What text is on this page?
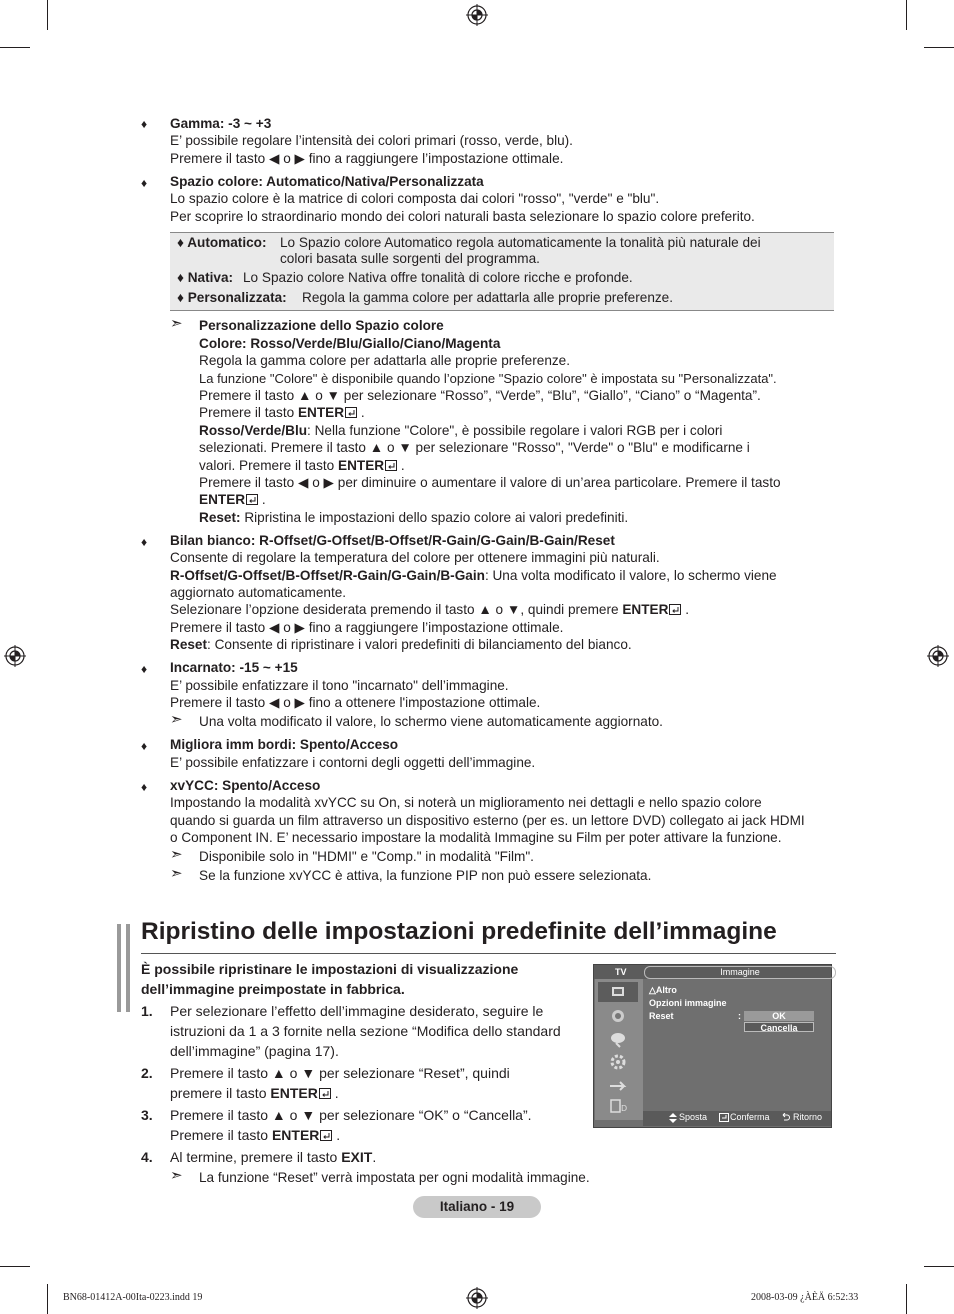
♦ Gamma: -3 ~ +3
E’ possibile regolare l’intensità dei colori primari (rosso, verde, blu).
Premere il tasto ◀ o ▶ fino a raggiungere l’impostazione ottimale.
♦ Spazio colore: Automatico/Nativa/Personalizzata
Lo spazio colore è la matrice di colori composta dai colori "rosso", "verde" e "blu".
Per scoprire lo straordinario mondo dei colori naturali basta selezionare lo spazio colore preferito.
♦ Automatico: Lo Spazio colore Automatico regola automaticamente la tonalità più naturale dei
colori basata sulle sorgenti del programma.
♦ Nativa: Lo Spazio colore Nativa offre tonalità di colore ricche e profonde.
♦ Personalizzata: Regola la gamma colore per adattarla alle proprie preferenze.
➣ Personalizzazione dello Spazio colore
Colore: Rosso/Verde/Blu/Giallo/Ciano/Magenta
Regola la gamma colore per adattarla alle proprie preferenze.
La funzione "Colore" è disponibile quando l’opzione "Spazio colore" è impostata su "Personalizzata".
Premere il tasto ▲ o ▼ per selezionare “Rosso”, “Verde”, “Blu”, “Giallo”, “Ciano” o “Magenta”.
Premere il tasto ENTER .
Rosso/Verde/Blu: Nella funzione "Colore", è possibile regolare i valori RGB per i colori
selezionati. Premere il tasto ▲ o ▼ per selezionare "Rosso", "Verde" o "Blu" e modificarne i
valori. Premere il tasto ENTER .
Premere il tasto ◀ o ▶ per diminuire o aumentare il valore di un’area particolare. Premere il tasto
ENTER .
Reset: Ripristina le impostazioni dello spazio colore ai valori predefiniti.
♦ Bilan bianco: R-Offset/G-Offset/B-Offset/R-Gain/G-Gain/B-Gain/Reset
Consente di regolare la temperatura del colore per ottenere immagini più naturali.
R-Offset/G-Offset/B-Offset/R-Gain/G-Gain/B-Gain: Una volta modificato il valore, lo schermo viene
aggiornato automaticamente.
Selezionare l’opzione desiderata premendo il tasto ▲ o ▼, quindi premere ENTER .
Premere il tasto ◀ o ▶ fino a raggiungere l’impostazione ottimale.
Reset: Consente di ripristinare i valori predefiniti di bilanciamento del bianco.
♦ Incarnato: -15 ~ +15
E’ possibile enfatizzare il tono "incarnato" dell’immagine.
Premere il tasto ◀ o ▶ fino a ottenere l'impostazione ottimale.
➣ Una volta modificato il valore, lo schermo viene automaticamente aggiornato.
♦ Migliora imm bordi: Spento/Acceso
E’ possibile enfatizzare i contorni degli oggetti dell’immagine.
♦ xvYCC: Spento/Acceso
Impostando la modalità xvYCC su On, si noterà un miglioramento nei dettagli e nello spazio colore
quando si guarda un film attraverso un dispositivo esterno (per es. un lettore DVD) collegato ai jack HDMI
o Component IN. E’ necessario impostare la modalità Immagine su Film per poter attivare la funzione.
➣ Disponibile solo in "HDMI" e "Comp." in modalità "Film".
➣ Se la funzione xvYCC è attiva, la funzione PIP non può essere selezionata.
Ripristino delle impostazioni predefinite dell’immagine
È possibile ripristinare le impostazioni di visualizzazione
dell’immagine preimpostate in fabbrica.
1. Per selezionare l’effetto dell’immagine desiderato, seguire le
istruzioni da 1 a 3 fornite nella sezione “Modifica dello standard
dell’immagine” (pagina 17).
2. Premere il tasto ▲ o ▼ per selezionare “Reset”, quindi
premere il tasto ENTER .
3. Premere il tasto ▲ o ▼ per selezionare “OK” o “Cancella”.
Premere il tasto ENTER .
4. Al termine, premere il tasto EXIT.
➣ La funzione “Reset” verrà impostata per ogni modalità immagine.
TV	Immagine
D
△Altro
Opzioni immagine
Reset	:	OK
Cancella
Sposta	Conferma	Ritorno
Italiano - 19
BN68-01412A-00Ita-0223.indd 19	2008-03-09 ¿ÀÈÄ 6:52:33
